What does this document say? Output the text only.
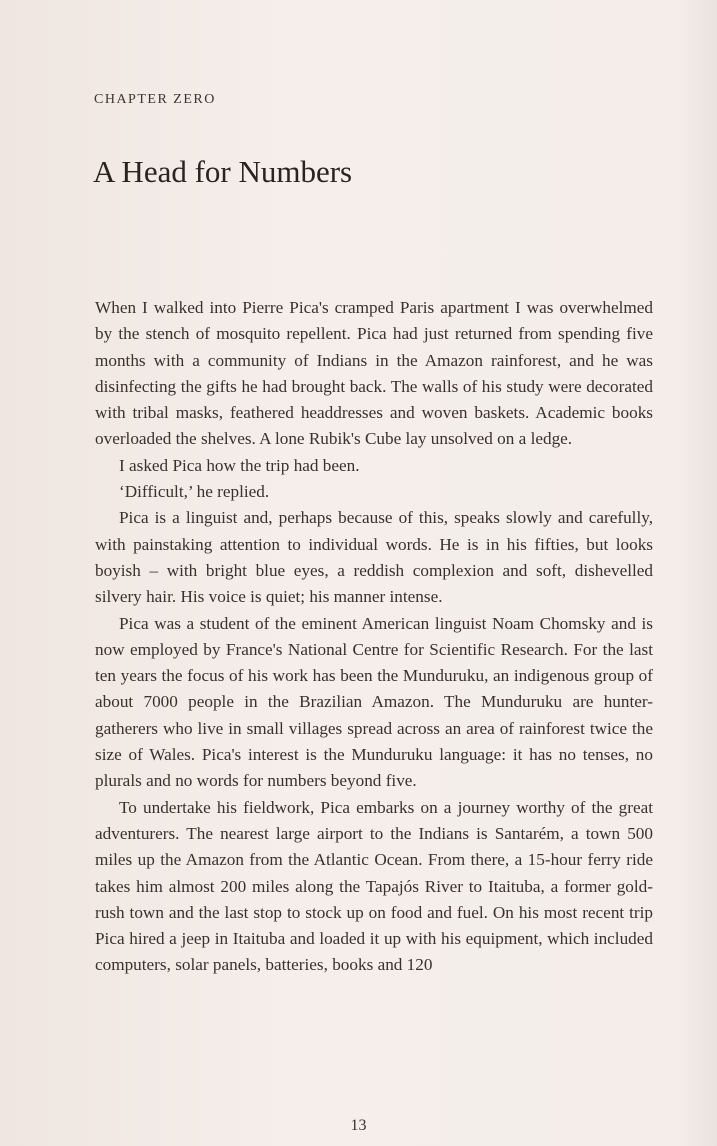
CHAPTER ZERO
A Head for Numbers

When I walked into Pierre Pica's cramped Paris apartment I was overwhelmed by the stench of mosquito repellent. Pica had just returned from spending five months with a community of Indians in the Amazon rainforest, and he was disinfecting the gifts he had brought back. The walls of his study were decorated with tribal masks, feathered headdresses and woven baskets. Academic books overloaded the shelves. A lone Rubik's Cube lay unsolved on a ledge.

I asked Pica how the trip had been.

‘Difficult,’ he replied.

Pica is a linguist and, perhaps because of this, speaks slowly and carefully, with painstaking attention to individual words. He is in his fifties, but looks boyish – with bright blue eyes, a reddish complexion and soft, dishevelled silvery hair. His voice is quiet; his manner intense.

Pica was a student of the eminent American linguist Noam Chomsky and is now employed by France's National Centre for Scientific Research. For the last ten years the focus of his work has been the Munduruku, an indigenous group of about 7000 people in the Brazilian Amazon. The Munduruku are hunter-gatherers who live in small villages spread across an area of rainforest twice the size of Wales. Pica's interest is the Munduruku language: it has no tenses, no plurals and no words for numbers beyond five.

To undertake his fieldwork, Pica embarks on a journey worthy of the great adventurers. The nearest large airport to the Indians is Santarém, a town 500 miles up the Amazon from the Atlantic Ocean. From there, a 15-hour ferry ride takes him almost 200 miles along the Tapajós River to Itaituba, a former gold-rush town and the last stop to stock up on food and fuel. On his most recent trip Pica hired a jeep in Itaituba and loaded it up with his equipment, which included computers, solar panels, batteries, books and 120

13
